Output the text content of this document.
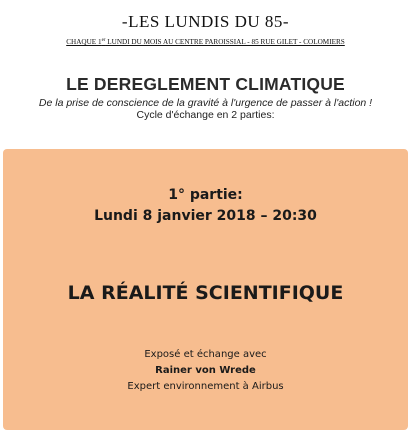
-LES LUNDIS DU 85-
CHAQUE 1er LUNDI DU MOIS AU CENTRE PAROISSIAL - 85 RUE GILET - COLOMIERS
LE DEREGLEMENT CLIMATIQUE
De la prise de conscience de la gravité à l'urgence de passer à l'action !
Cycle d'échange en 2 parties:
1° partie:
Lundi 8 janvier 2018 – 20:30
LA RÉALITÉ SCIENTIFIQUE
Exposé et échange avec
Rainer von Wrede
Expert environnement à Airbus
